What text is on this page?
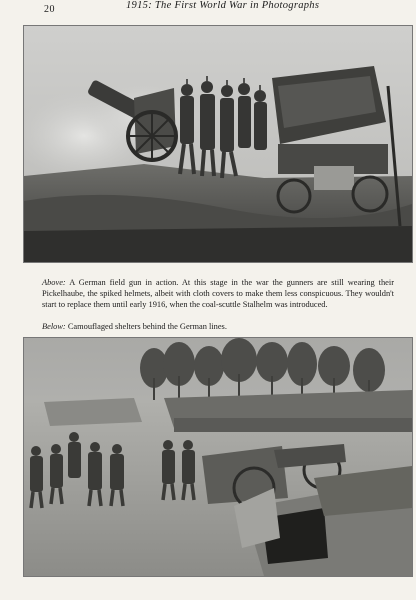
20	1915: The First World War in Photographs

Above: A German field gun in action. At this stage in the war the gunners are still wearing their Pickelhaube, the spiked helmets, albeit with cloth covers to make them less conspicuous. They wouldn't start to replace them until early 1916, when the coal-scuttle Stalhelm was introduced.

Below: Camouflaged shelters behind the German lines.
